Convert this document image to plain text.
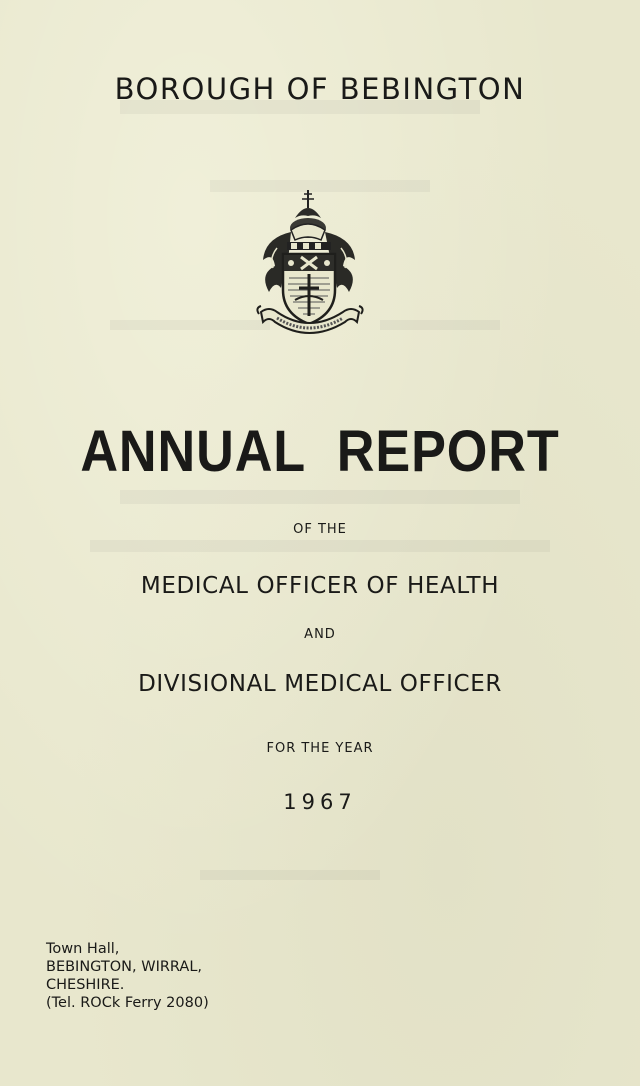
BOROUGH OF BEBINGTON
ANNUAL REPORT
OF THE
MEDICAL OFFICER OF HEALTH
AND
DIVISIONAL MEDICAL OFFICER
FOR THE YEAR
1967
Town Hall,
BEBINGTON, WIRRAL,
CHESHIRE.
(Tel. ROCk Ferry 2080)
